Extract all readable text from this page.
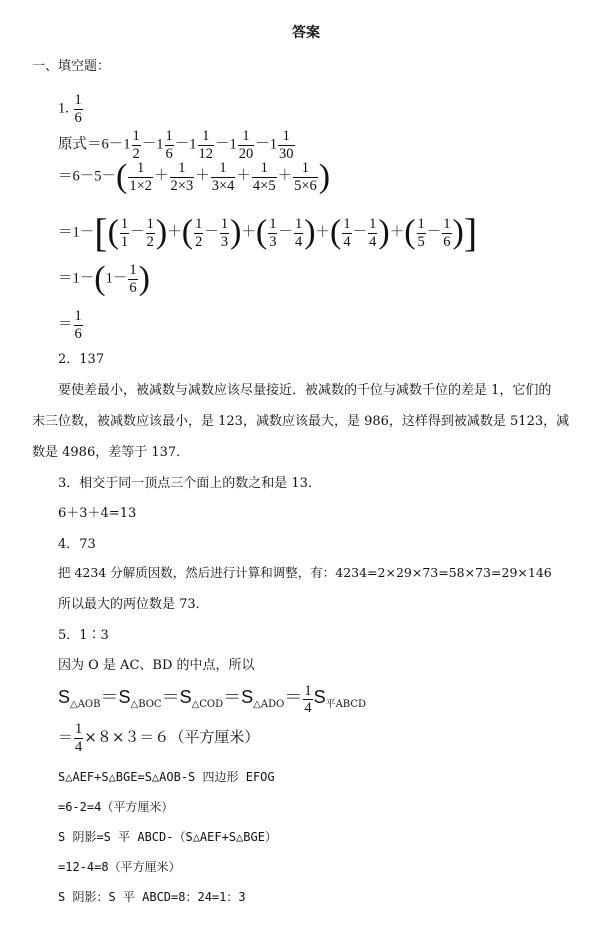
答案
一、填空题：
1. $\frac{1}{6}$
原式$=6-1 \frac{1}{2} -1 \frac{1}{6} -1 \frac{1}{12} -1 \frac{1}{20} -1 \frac{1}{30}$
$=6-5-( \frac{1}{1\times 2} + \frac{1}{2\times 3} + \frac{1}{3\times 4} + \frac{1}{4\times 5} + \frac{1}{5\times 6}$ )
$=1-[( \frac{1}{1} - \frac{1}{2}$ )＋( $\frac{1}{2} - \frac{1}{3}$ )＋( $\frac{1}{3} - \frac{1}{4}$ )＋( $\frac{1}{4} - \frac{1}{4}$ )＋( $\frac{1}{5} - \frac{1}{6}$ )]
$=1-(1- \frac{1}{6}$ )
＝ $\frac{1}{6}$
2．137
要使差最小，被减数与减数应该尽量接近．被减数的千位与减数千位的差是 1，它们的
末三位数，被减数应该最小，是 123，减数应该最大，是 986，这样得到被减数是 5123，减
数是 4986，差等于 137．
3．相交于同一顶点三个面上的数之和是 13．
6＋3＋4=13
4．73
把 4234 分解质因数，然后进行计算和调整，有：4234=2×29×73=58×73=29×146
所以最大的两位数是 73．
5．1∶3
因为 O 是 AC、BD 的中点，所以
$S_{\triangle AOB}=S_{\triangle BOC}=S_{\triangle COD}=S_{\triangle ADO}= \frac{1}{4} S_{平ABCD}$
＝ $\frac{1}{4} \times 8\times 3=6$（平方厘米）
S△AEF+S△BGE=S△AOB-S 四边形 EFOG
=6-2=4（平方厘米）
S 阴影=S 平 ABCD-（S△AEF+S△BGE）
=12-4=8（平方厘米）
S 阴影：S 平 ABCD=8：24=1：3
